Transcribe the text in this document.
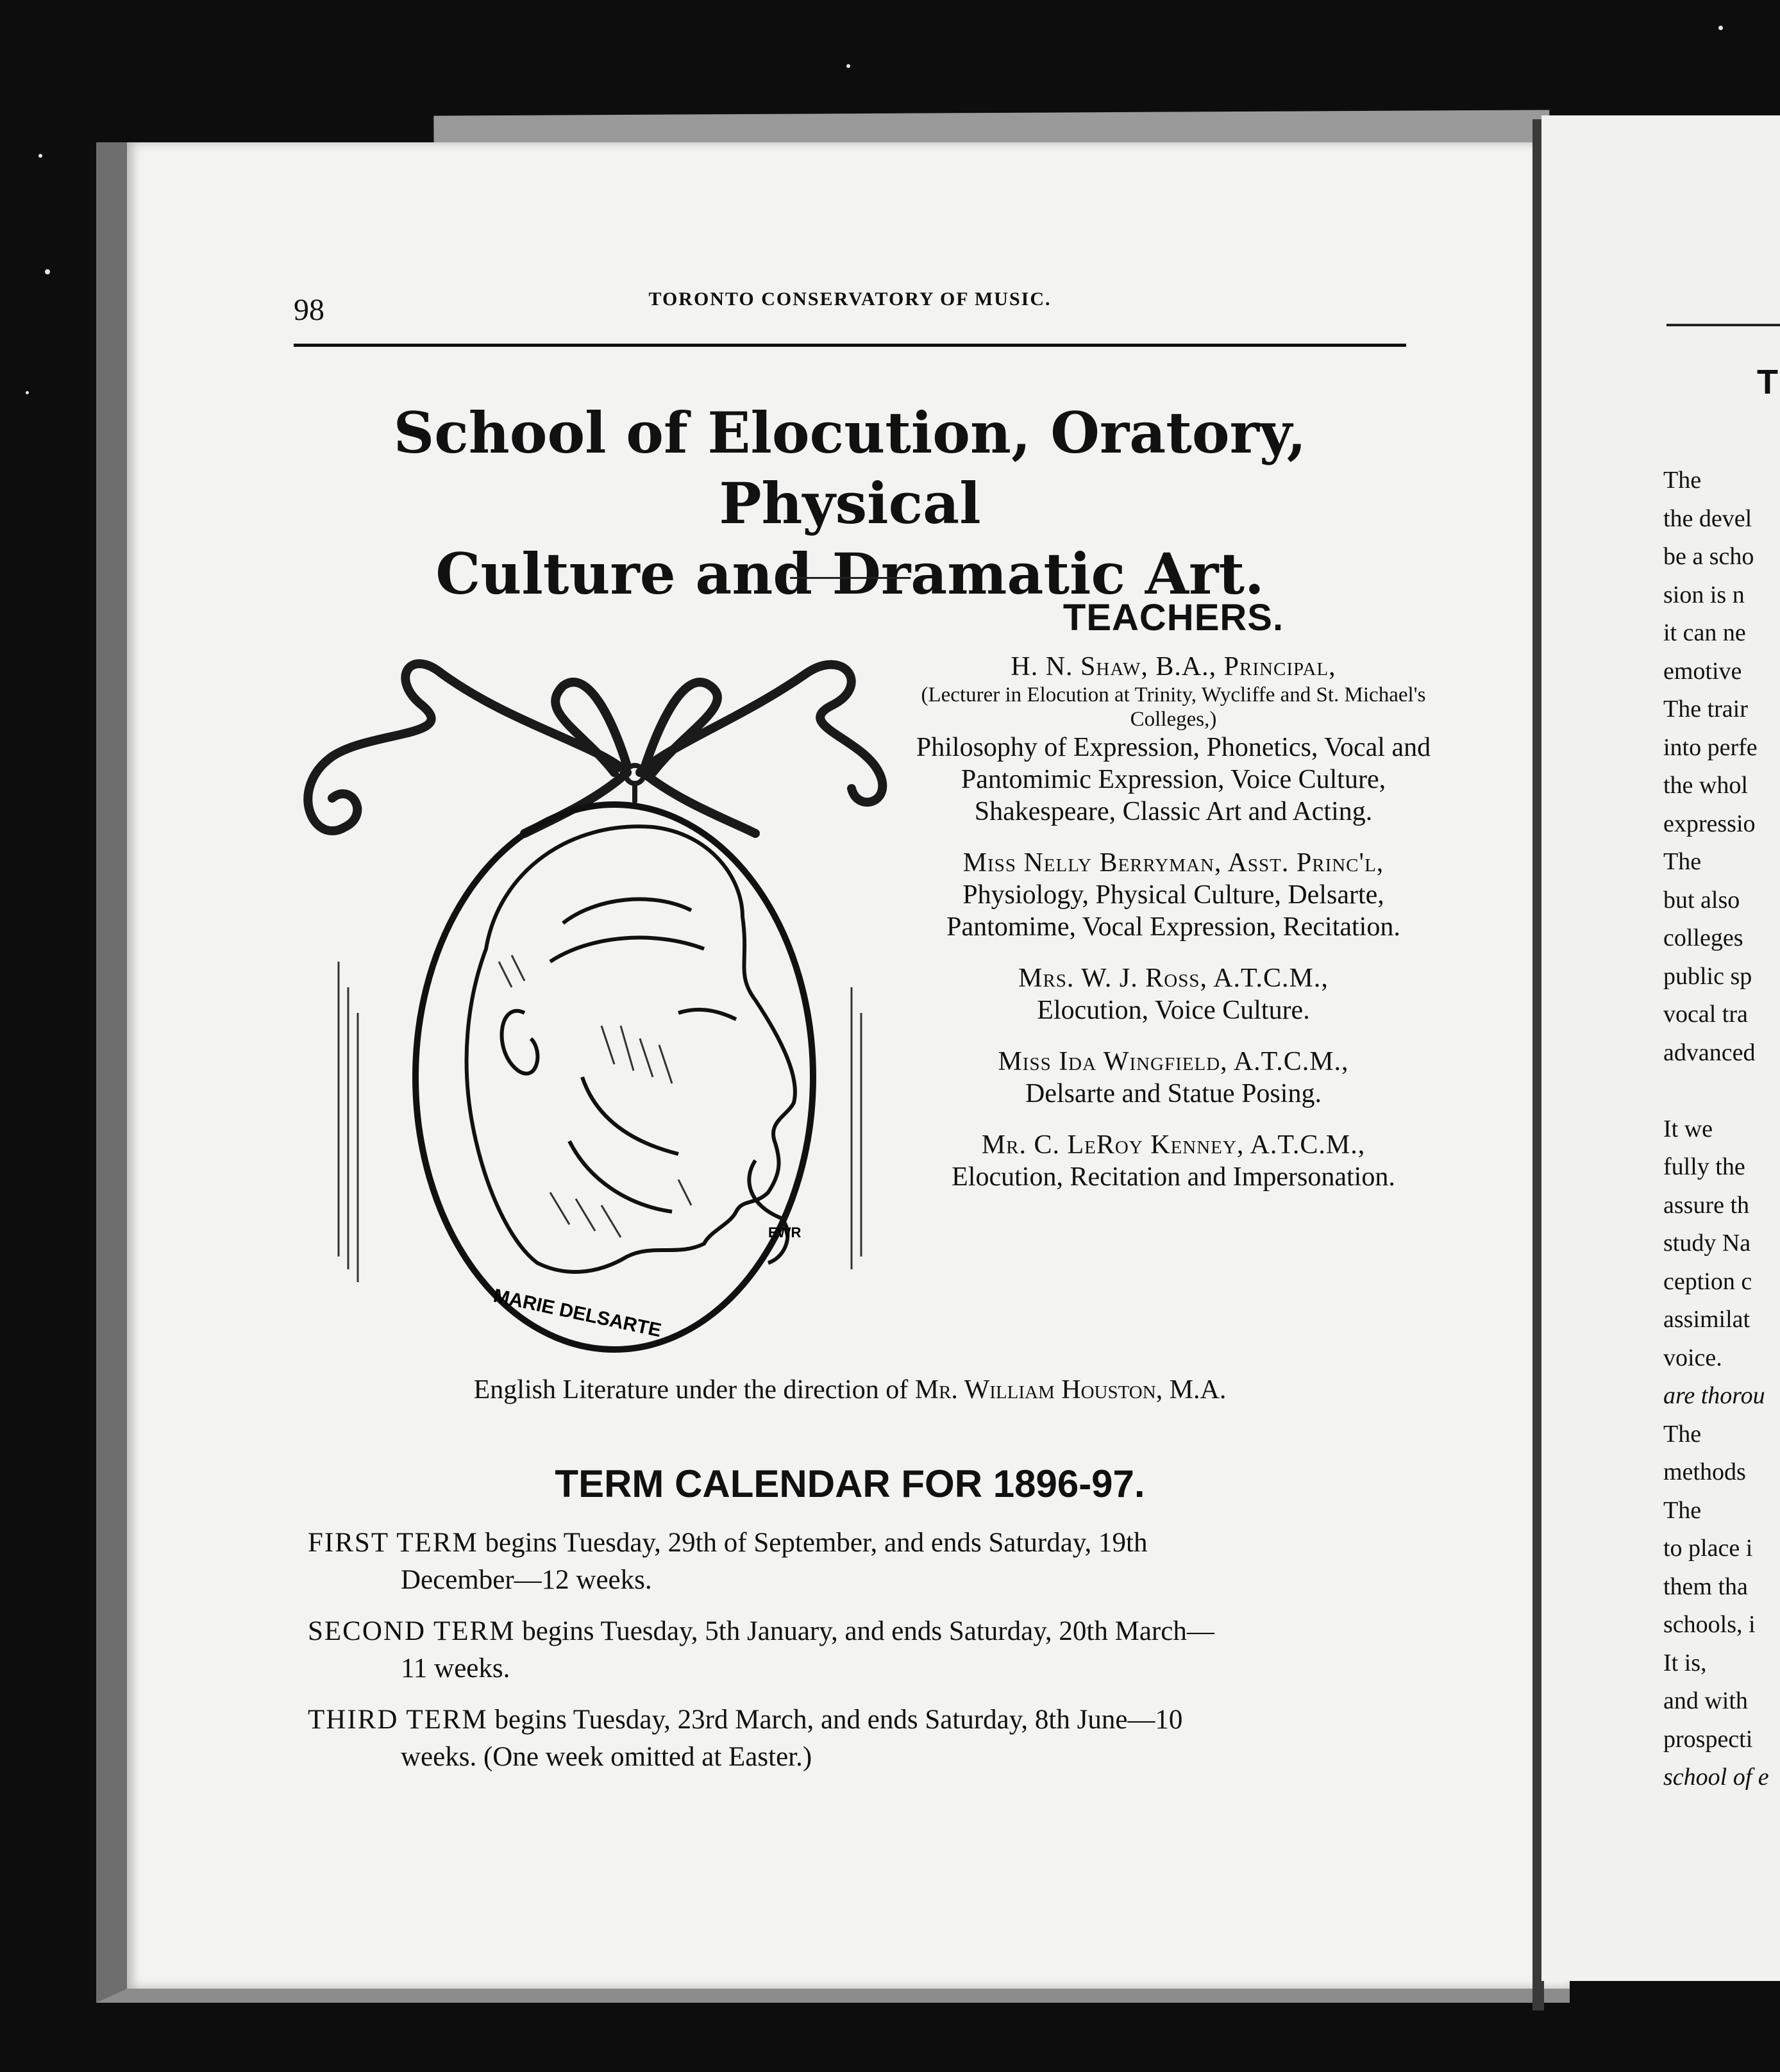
98	TORONTO CONSERVATORY OF MUSIC.
School of Elocution, Oratory, Physical
Culture and Dramatic Art.
MARIE DELSARTE
EWR
TEACHERS.
H. N. Shaw, B.A., Principal,
(Lecturer in Elocution at Trinity, Wycliffe and St. Michael's Colleges,)
Philosophy of Expression, Phonetics, Vocal and Pantomimic Expression, Voice Culture, Shakespeare, Classic Art and Acting.
Miss Nelly Berryman, Asst. Princ'l,
Physiology, Physical Culture, Delsarte, Pantomime, Vocal Expression, Recitation.
Mrs. W. J. Ross, A.T.C.M.,
Elocution, Voice Culture.
Miss Ida Wingfield, A.T.C.M.,
Delsarte and Statue Posing.
Mr. C. LeRoy Kenney, A.T.C.M.,
Elocution, Recitation and Impersonation.
English Literature under the direction of Mr. William Houston, M.A.
TERM CALENDAR FOR 1896-97.
FIRST TERM begins Tuesday, 29th of September, and ends Saturday, 19th
December—12 weeks.
SECOND TERM begins Tuesday, 5th January, and ends Saturday, 20th March—
11 weeks.
THIRD TERM begins Tuesday, 23rd March, and ends Saturday, 8th June—10
weeks. (One week omitted at Easter.)
T
The
the devel
be a scho
sion is n
it can ne
emotive
The trair
into perfe
the whol
expressio
The
but also
colleges
public sp
vocal tra
advanced
It we
fully the
assure th
study Na
ception c
assimilat
voice.
are thorou
The
methods
The
to place i
them tha
schools, i
It is,
and with
prospecti
school of e
